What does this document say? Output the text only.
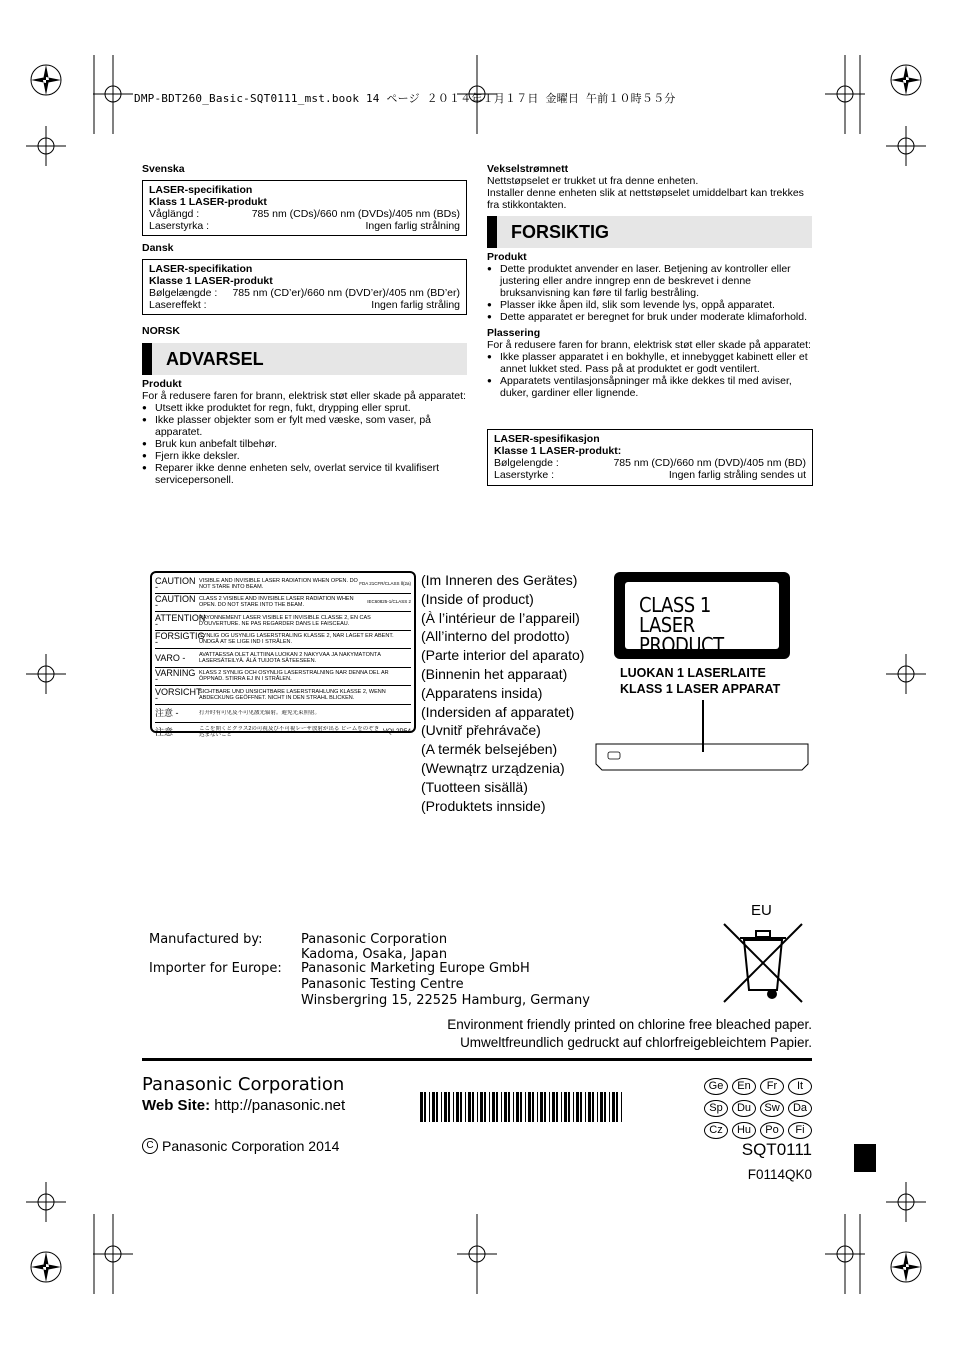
DMP-BDT260_Basic-SQT0111_mst.book 14 ページ ２０１４年１月１７日 金曜日 午前１０時５５分
Svenska
LASER-specifikation
Klass 1 LASER-produkt
Våglängd :	785 nm (CDs)/660 nm (DVDs)/405 nm (BDs)
Laserstyrka :	Ingen farlig strålning
Dansk
LASER-specifikation
Klasse 1 LASER-produkt
Bølgelængde : 785 nm (CD’er)/660 nm (DVD’er)/405 nm (BD’er)
Lasereffekt :	Ingen farlig stråling
NORSK
ADVARSEL
Produkt
For å redusere faren for brann, elektrisk støt eller skade på apparatet:
● Utsett ikke produktet for regn, fukt, drypping eller sprut.
● Ikke plasser objekter som er fylt med væske, som vaser, på apparatet.
● Bruk kun anbefalt tilbehør.
● Fjern ikke deksler.
● Reparer ikke denne enheten selv, overlat service til kvalifisert servicepersonell.
Vekselstrømnett
Nettstøpselet er trukket ut fra denne enheten.
Installer denne enheten slik at nettstøpselet umiddelbart kan trekkes fra stikkontakten.
FORSIKTIG
Produkt
● Dette produktet anvender en laser. Betjening av kontroller eller justering eller andre inngrep enn de beskrevet i denne bruksanvisning kan føre til farlig bestråling.
● Plasser ikke åpen ild, slik som levende lys, oppå apparatet.
● Dette apparatet er beregnet for bruk under moderate klimaforhold.
Plassering
For å redusere faren for brann, elektrisk støt eller skade på apparatet:
● Ikke plasser apparatet i en bokhylle, et innebygget kabinett eller et annet lukket sted. Pass på at produktet er godt ventilert.
● Apparatets ventilasjonsåpninger må ikke dekkes til med aviser, duker, gardiner eller lignende.
LASER-spesifikasjon
Klasse 1 LASER-produkt:
Bølgelengde :	785 nm (CD)/660 nm (DVD)/405 nm (BD)
Laserstyrke :	Ingen farlig stråling sendes ut
CAUTION -
VISIBLE AND INVISIBLE LASER RADIATION WHEN OPEN. DO NOT STARE INTO BEAM.
FDA 21CFR/CLASS Ⅱ(2a)
CAUTION -
CLASS 2 VISIBLE AND INVISIBLE LASER RADIATION WHEN OPEN. DO NOT STARE INTO THE BEAM.
IEC60825-1/CLASS 2
ATTENTION -
RAYONNEMENT LASER VISIBLE ET INVISIBLE CLASSE 2, EN CAS D'OUVERTURE. NE PAS REGARDER DANS LE FAISCEAU.
FORSIGTIG -
SYNLIG OG USYNLIG LASERSTRÅLING KLASSE 2, NÅR LÅGET ER ÅBENT. UNDGÅ AT SE LIGE IND I STRÅLEN.
VARO -	AVATTAESSA OLET ALTTIINA LUOKAN 2 NÄKYVÄÄ JA NÄKYMÄTÖNTÄ LASERSÄTEILYÄ. ÄLÄ TUIJOTA SÄTEESEEN.
VARNING -
KLASS 2 SYNLIG OCH OSYNLIG LASERSTRÅLNING NÄR DENNA DEL ÄR ÖPPNAD. STIRRA EJ IN I STRÅLEN.
VORSICHT -
SICHTBARE UND UNSICHTBARE LASERSTRAHLUNG KLASSE 2, WENN ABDECKUNG GEÖFFNET. NICHT IN DEN STRAHL BLICKEN.
注意 -	打开时有可见及不可见激光辐射。避免光束照射。
注意 -	ここを開くとクラス2の可視及び不可視レーザ放射が出る ビームをのぞき込まないこと	VQL2P54
(Im Inneren des Gerätes)
(Inside of product)
(À l’intérieur de l’appareil)
(All’interno del prodotto)
(Parte interior del aparato)
(Binnenin het apparaat)
(Apparatens insida)
(Indersiden af apparatet)
(Uvnitř přehrávače)
(A termék belsejében)
(Wewnątrz urządzenia)
(Tuotteen sisällä)
(Produktets innside)
CLASS 1
LASER PRODUCT
LUOKAN 1 LASERLAITE
KLASS 1 LASER APPARAT
Manufactured by:	Panasonic Corporation
Kadoma, Osaka, Japan
Importer for Europe: Panasonic Marketing Europe GmbH
Panasonic Testing Centre
Winsbergring 15, 22525 Hamburg, Germany
EU
Environment friendly printed on chlorine free bleached paper.
Umweltfreundlich gedruckt auf chlorfreigebleichtem Papier.
Panasonic Corporation
Web Site: http://panasonic.net
C Panasonic Corporation 2014
Ge En Fr It
Sp Du Sw Da
Cz Hu Po Fi
SQT0111
F0114QK0
